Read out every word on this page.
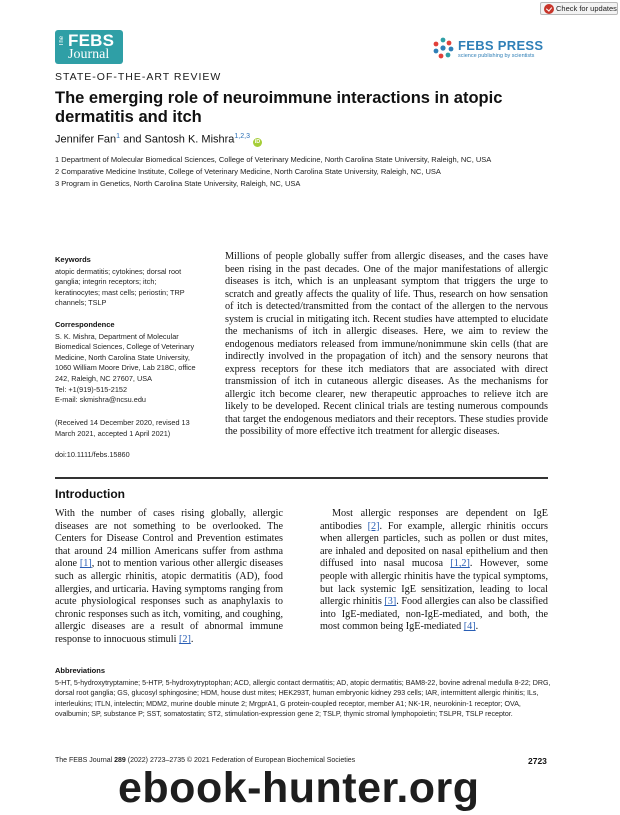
Check for updates
The FEBS
Journal
FEBS PRESS
science publishing by scientists
STATE-OF-THE-ART REVIEW
The emerging role of neuroimmune interactions in atopic
dermatitis and itch
Jennifer Fan$^1$ and Santosh K. Mishra$^{1,2,3}$iD
1 Department of Molecular Biomedical Sciences, College of Veterinary Medicine, North Carolina State University, Raleigh, NC, USA
2 Comparative Medicine Institute, College of Veterinary Medicine, North Carolina State University, Raleigh, NC, USA
3 Program in Genetics, North Carolina State University, Raleigh, NC, USA
Keywords
atopic dermatitis; cytokines; dorsal root
ganglia; integrin receptors; itch;
keratinocytes; mast cells; periostin; TRP
channels; TSLP
Correspondence
S. K. Mishra, Department of Molecular
Biomedical Sciences, College of Veterinary
Medicine, North Carolina State University,
1060 William Moore Drive, Lab 218C, office
242, Raleigh, NC 27607, USA
Tel: +1(919)-515-2152
E-mail: skmishra@ncsu.edu
(Received 14 December 2020, revised 13
March 2021, accepted 1 April 2021)
doi:10.1111/febs.15860
Millions of people globally suffer from allergic diseases, and the cases have been rising in the past decades. One of the major manifestations of allergic diseases is itch, which is an unpleasant symptom that triggers the urge to scratch and greatly affects the quality of life. Thus, research on how sensation of itch is detected/transmitted from the contact of the allergen to the nervous system is crucial in mitigating itch. Recent studies have attempted to elucidate the mechanisms of itch in allergic diseases. Here, we aim to review the endogenous mediators released from immune/nonimmune skin cells (that are indirectly involved in the propagation of itch) and the sensory neurons that express receptors for these itch mediators that are associated with direct transmission of itch in cutaneous allergic diseases. As the mechanisms for allergic itch become clearer, new therapeutic approaches to relieve itch are likely to be developed. Recent clinical trials are testing numerous compounds that target the endogenous mediators and their receptors. These studies provide the possibility of more effective itch treatment for allergic diseases.
Introduction
With the number of cases rising globally, allergic diseases are not something to be overlooked. The Centers for Disease Control and Prevention estimates that around 24 million Americans suffer from asthma alone [1], not to mention various other allergic diseases such as allergic rhinitis, atopic dermatitis (AD), food allergies, and urticaria. Having symptoms ranging from acute physiological responses such as anaphylaxis to chronic responses such as itch, vomiting, and coughing, allergic diseases are a result of abnormal immune response to innocuous stimuli [2].
Most allergic responses are dependent on IgE antibodies [2]. For example, allergic rhinitis occurs when allergen particles, such as pollen or dust mites, are inhaled and deposited on nasal epithelium and then diffused into nasal mucosa [1,2]. However, some people with allergic rhinitis have the typical symptoms, but lack systemic IgE sensitization, leading to local allergic rhinitis [3]. Food allergies can also be classified into IgE-mediated, non-IgE-mediated, and both, the most common being IgE-mediated [4].
Abbreviations
5-HT, 5-hydroxytryptamine; 5-HTP, 5-hydroxytryptophan; ACD, allergic contact dermatitis; AD, atopic dermatitis; BAM8-22, bovine adrenal medulla 8-22; DRG, dorsal root ganglia; GS, glucosyl sphingosine; HDM, house dust mites; HEK293T, human embryonic kidney 293 cells; IAR, intermittent allergic rhinitis; ILs, interleukins; ITLN, intelectin; MDM2, murine double minute 2; MrgprA1, G protein-coupled receptor, member A1; NK-1R, neurokinin-1 receptor; OVA, ovalbumin; SP, substance P; SST, somatostatin; ST2, stimulation-expression gene 2; TSLP, thymic stromal lymphopoietin; TSLPR, TSLP receptor.
The FEBS Journal 289 (2022) 2723–2735 © 2021 Federation of European Biochemical Societies	2723
ebook-hunter.org
